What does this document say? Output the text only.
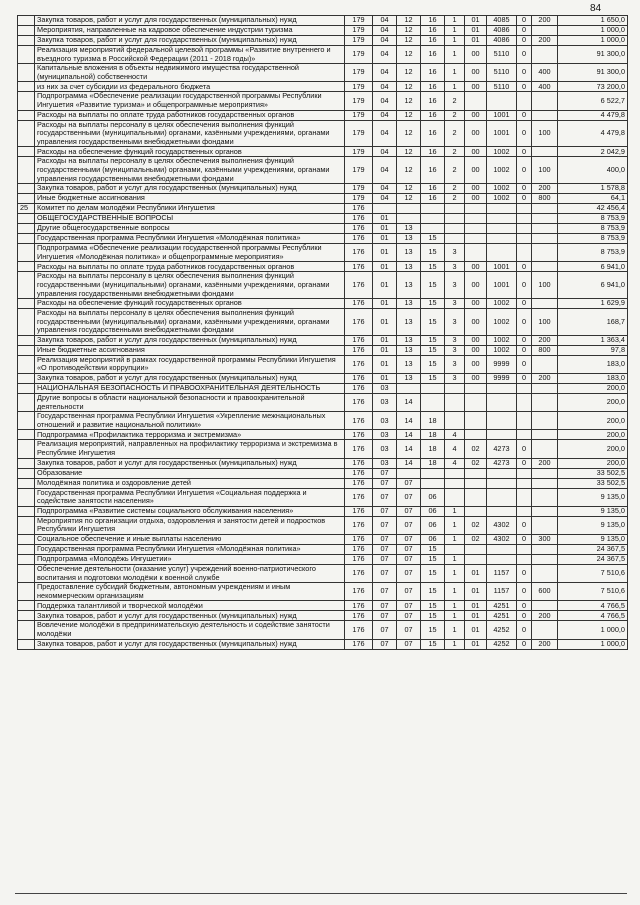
84
	Закупка товаров, работ и услуг для государственных (муниципальных) нужд	179	04	12	16	1	01	4085	0	200	1 650,0
	Мероприятия, направленные на кадровое обеспечение индустрии туризма	179	04	12	16	1	01	4086	0		1 000,0
	Закупка товаров, работ и услуг для государственных (муниципальных) нужд	179	04	12	16	1	01	4086	0	200	1 000,0
	Реализация мероприятий федеральной целевой программы «Развитие внутреннего и въездного туризма в Российской Федерации (2011 - 2018 годы)»	179	04	12	16	1	00	5110	0		91 300,0
	Капитальные вложения в объекты недвижимого имущества государственной (муниципальной) собственности	179	04	12	16	1	00	5110	0	400	91 300,0
	из них за счет субсидии из федерального бюджета	179	04	12	16	1	00	5110	0	400	73 200,0
	Подпрограмма «Обеспечение реализации государственной программы Республики Ингушетия «Развитие туризма» и общепрограммные мероприятия»	179	04	12	16	2					6 522,7
	Расходы на выплаты по оплате труда работников государственных органов	179	04	12	16	2	00	1001	0		4 479,8
	Расходы на выплаты персоналу в целях обеспечения выполнения функций государственными (муниципальными) органами, казёнными учреждениями, органами управления государственными внебюджетными фондами	179	04	12	16	2	00	1001	0	100	4 479,8
	Расходы на обеспечение функций государственных органов	179	04	12	16	2	00	1002	0		2 042,9
	Расходы на выплаты персоналу в целях обеспечения выполнения функций государственными (муниципальными) органами, казёнными учреждениями, органами управления государственными внебюджетными фондами	179	04	12	16	2	00	1002	0	100	400,0
	Закупка товаров, работ и услуг для государственных (муниципальных) нужд	179	04	12	16	2	00	1002	0	200	1 578,8
	Иные бюджетные ассигнования	179	04	12	16	2	00	1002	0	800	64,1
25	Комитет по делам молодёжи Республики Ингушетия	176									42 456,4
	ОБЩЕГОСУДАРСТВЕННЫЕ ВОПРОСЫ	176	01								8 753,9
	Другие общегосударственные вопросы	176	01	13							8 753,9
	Государственная программа Республики Ингушетия «Молодёжная политика»	176	01	13	15						8 753,9
	Подпрограмма «Обеспечение реализации государственной программы Республики Ингушетия «Молодёжная политика» и общепрограммные мероприятия»	176	01	13	15	3					8 753,9
	Расходы на выплаты по оплате труда работников государственных органов	176	01	13	15	3	00	1001	0		6 941,0
	Расходы на выплаты персоналу в целях обеспечения выполнения функций государственными (муниципальными) органами, казёнными учреждениями, органами управления государственными внебюджетными фондами	176	01	13	15	3	00	1001	0	100	6 941,0
	Расходы на обеспечение функций государственных органов	176	01	13	15	3	00	1002	0		1 629,9
	Расходы на выплаты персоналу в целях обеспечения выполнения функций государственными (муниципальными) органами, казёнными учреждениями, органами управления государственными внебюджетными фондами	176	01	13	15	3	00	1002	0	100	168,7
	Закупка товаров, работ и услуг для государственных (муниципальных) нужд	176	01	13	15	3	00	1002	0	200	1 363,4
	Иные бюджетные ассигнования	176	01	13	15	3	00	1002	0	800	97,8
	Реализация мероприятий в рамках государственной программы Республики Ингушетия «О противодействии коррупции»	176	01	13	15	3	00	9999	0		183,0
	Закупка товаров, работ и услуг для государственных (муниципальных) нужд	176	01	13	15	3	00	9999	0	200	183,0
	НАЦИОНАЛЬНАЯ БЕЗОПАСНОСТЬ И ПРАВООХРАНИТЕЛЬНАЯ ДЕЯТЕЛЬНОСТЬ	176	03								200,0
	Другие вопросы в области национальной безопасности и правоохранительной деятельности	176	03	14							200,0
	Государственная программа Республики Ингушетия «Укрепление межнациональных отношений и развитие национальной политики»	176	03	14	18						200,0
	Подпрограмма «Профилактика терроризма и экстремизма»	176	03	14	18	4					200,0
	Реализация мероприятий, направленных на профилактику терроризма и экстремизма в Республике Ингушетия	176	03	14	18	4	02	4273	0		200,0
	Закупка товаров, работ и услуг для государственных (муниципальных) нужд	176	03	14	18	4	02	4273	0	200	200,0
	Образование	176	07								33 502,5
	Молодёжная политика и оздоровление детей	176	07	07							33 502,5
	Государственная программа Республики Ингушетия «Социальная поддержка и содействие занятости населения»	176	07	07	06						9 135,0
	Подпрограмма «Развитие системы социального обслуживания населения»	176	07	07	06	1					9 135,0
	Мероприятия по организации отдыха, оздоровления и занятости детей и подростков Республики Ингушетия	176	07	07	06	1	02	4302	0		9 135,0
	Социальное обеспечение и иные выплаты населению	176	07	07	06	1	02	4302	0	300	9 135,0
	Государственная программа Республики Ингушетия «Молодёжная политика»	176	07	07	15						24 367,5
	Подпрограмма «Молодёжь Ингушетии»	176	07	07	15	1					24 367,5
	Обеспечение деятельности (оказание услуг) учреждений военно-патриотического воспитания и подготовки молодёжи к военной службе	176	07	07	15	1	01	1157	0		7 510,6
	Предоставление субсидий бюджетным, автономным учреждениям и иным некоммерческим организациям	176	07	07	15	1	01	1157	0	600	7 510,6
	Поддержка талантливой и творческой молодёжи	176	07	07	15	1	01	4251	0		4 766,5
	Закупка товаров, работ и услуг для государственных (муниципальных) нужд	176	07	07	15	1	01	4251	0	200	4 766,5
	Вовлечение молодёжи в предпринимательскую деятельность и содействие занятости молодёжи	176	07	07	15	1	01	4252	0		1 000,0
	Закупка товаров, работ и услуг для государственных (муниципальных) нужд	176	07	07	15	1	01	4252	0	200	1 000,0
